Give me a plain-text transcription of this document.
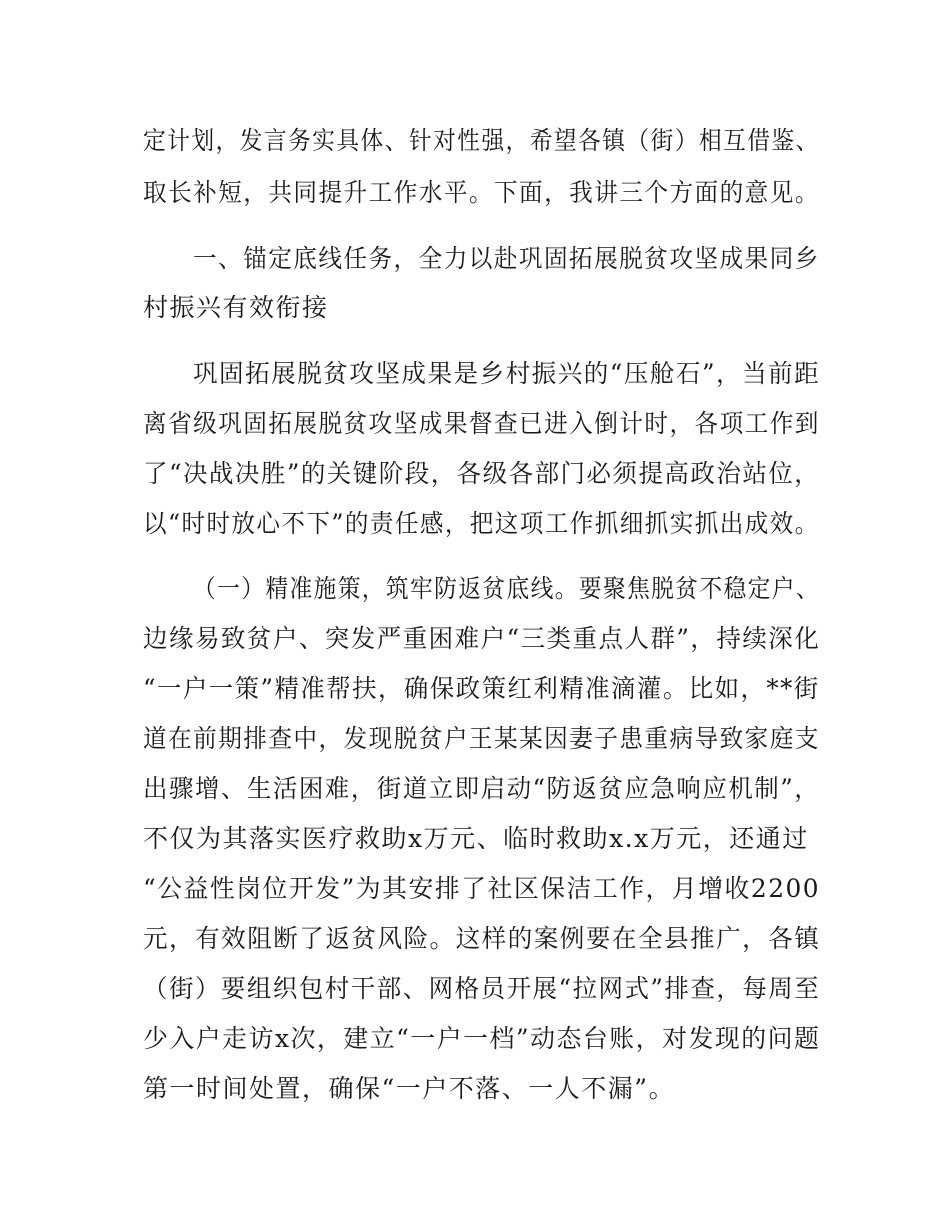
定计划，发言务实具体、针对性强，希望各镇（街）相互借鉴、
取长补短，共同提升工作水平。下面，我讲三个方面的意见。
一、锚定底线任务，全力以赴巩固拓展脱贫攻坚成果同乡
村振兴有效衔接
巩固拓展脱贫攻坚成果是乡村振兴的“压舱石”，当前距
离省级巩固拓展脱贫攻坚成果督查已进入倒计时，各项工作到
了“决战决胜”的关键阶段，各级各部门必须提高政治站位，
以“时时放心不下”的责任感，把这项工作抓细抓实抓出成效。
（一）精准施策，筑牢防返贫底线。要聚焦脱贫不稳定户、
边缘易致贫户、突发严重困难户“三类重点人群”，持续深化
“一户一策”精准帮扶，确保政策红利精准滴灌。比如，**街
道在前期排查中，发现脱贫户王某某因妻子患重病导致家庭支
出骤增、生活困难，街道立即启动“防返贫应急响应机制”，
不仅为其落实医疗救助x万元、临时救助x.x万元，还通过
“公益性岗位开发”为其安排了社区保洁工作，月增收2200
元，有效阻断了返贫风险。这样的案例要在全县推广，各镇
（街）要组织包村干部、网格员开展“拉网式”排查，每周至
少入户走访x次，建立“一户一档”动态台账，对发现的问题
第一时间处置，确保“一户不落、一人不漏”。
